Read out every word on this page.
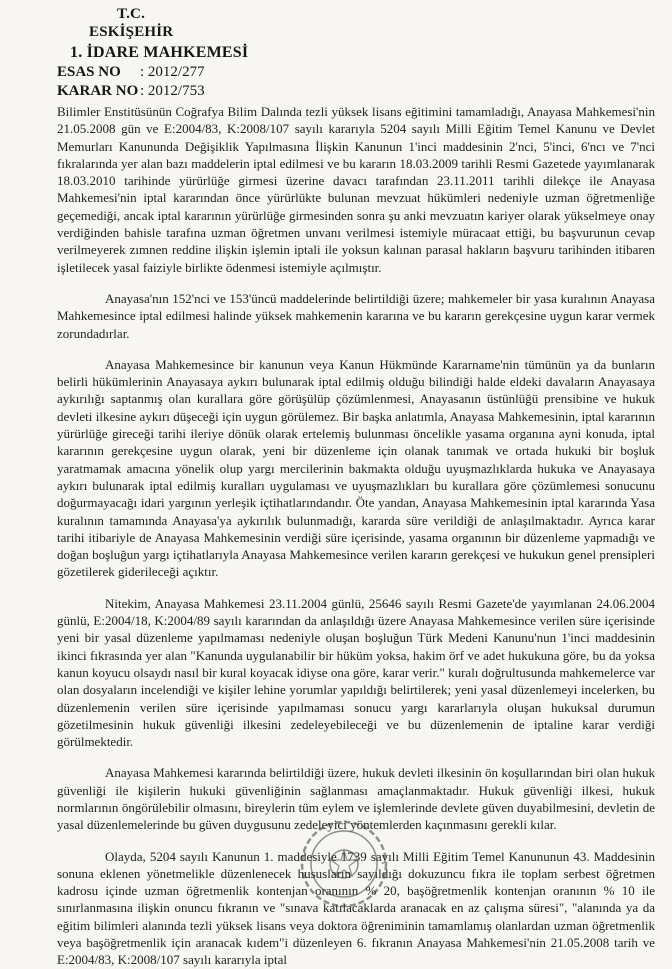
T.C.
ESKİŞEHİR
1. İDARE MAHKEMESİ
ESAS NO : 2012/277
KARAR NO : 2012/753

Bilimler Enstitüsünün Coğrafya Bilim Dalında tezli yüksek lisans eğitimini tamamladığı, Anayasa Mahkemesi'nin 21.05.2008 gün ve E:2004/83, K:2008/107 sayılı kararıyla 5204 sayılı Milli Eğitim Temel Kanunu ve Devlet Memurları Kanununda Değişiklik Yapılmasına İlişkin Kanunun 1'inci maddesinin 2'nci, 5'inci, 6'ncı ve 7'nci fıkralarında yer alan bazı maddelerin iptal edilmesi ve bu kararın 18.03.2009 tarihli Resmi Gazetede yayımlanarak 18.03.2010 tarihinde yürürlüğe girmesi üzerine davacı tarafından 23.11.2011 tarihli dilekçe ile Anayasa Mahkemesi'nin iptal kararından önce yürürlükte bulunan mevzuat hükümleri nedeniyle uzman öğretmenliğe geçemediği, ancak iptal kararının yürürlüğe girmesinden sonra şu anki mevzuatın kariyer olarak yükselmeye onay verdiğinden bahisle tarafına uzman öğretmen unvanı verilmesi istemiyle müracaat ettiği, bu başvurunun cevap verilmeyerek zımnen reddine ilişkin işlemin iptali ile yoksun kalınan parasal hakların başvuru tarihinden itibaren işletilecek yasal faiziyle birlikte ödenmesi istemiyle açılmıştır.

Anayasa'nın 152'nci ve 153'üncü maddelerinde belirtildiği üzere; mahkemeler bir yasa kuralının Anayasa Mahkemesince iptal edilmesi halinde yüksek mahkemenin kararına ve bu kararın gerekçesine uygun karar vermek zorundadırlar.

Anayasa Mahkemesince bir kanunun veya Kanun Hükmünde Kararname'nin tümünün ya da bunların belirli hükümlerinin Anayasaya aykırı bulunarak iptal edilmiş olduğu bilindiği halde eldeki davaların Anayasaya aykırılığı saptanmış olan kurallara göre görüşülüp çözümlenmesi, Anayasanın üstünlüğü prensibine ve hukuk devleti ilkesine aykırı düşeceği için uygun görülemez. Bir başka anlatımla, Anayasa Mahkemesinin, iptal kararının yürürlüğe gireceği tarihi ileriye dönük olarak ertelemiş bulunması öncelikle yasama organına ayni konuda, iptal kararının gerekçesine uygun olarak, yeni bir düzenleme için olanak tanımak ve ortada hukuki bir boşluk yaratmamak amacına yönelik olup yargı mercilerinin bakmakta olduğu uyuşmazlıklarda hukuka ve Anayasaya aykırı bulunarak iptal edilmiş kuralları uygulaması ve uyuşmazlıkları bu kurallara göre çözümlemesi sonucunu doğurmayacağı idari yargının yerleşik içtihatlarındandır. Öte yandan, Anayasa Mahkemesinin iptal kararında Yasa kuralının tamamında Anayasa'ya aykırılık bulunmadığı, kararda süre verildiği de anlaşılmaktadır. Ayrıca karar tarihi itibariyle de Anayasa Mahkemesinin verdiği süre içerisinde, yasama organının bir düzenleme yapmadığı ve doğan boşluğun yargı içtihatlarıyla Anayasa Mahkemesince verilen kararın gerekçesi ve hukukun genel prensipleri gözetilerek giderileceği açıktır.

Nitekim, Anayasa Mahkemesi 23.11.2004 günlü, 25646 sayılı Resmi Gazete'de yayımlanan 24.06.2004 günlü, E:2004/18, K:2004/89 sayılı kararından da anlaşıldığı üzere Anayasa Mahkemesince verilen süre içerisinde yeni bir yasal düzenleme yapılmaması nedeniyle oluşan boşluğun Türk Medeni Kanunu'nun 1'inci maddesinin ikinci fıkrasında yer alan "Kanunda uygulanabilir bir hüküm yoksa, hakim örf ve adet hukukuna göre, bu da yoksa kanun koyucu olsaydı nasıl bir kural koyacak idiyse ona göre, karar verir." kuralı doğrultusunda mahkemelerce var olan dosyaların incelendiği ve kişiler lehine yorumlar yapıldığı belirtilerek; yeni yasal düzenlemeyi incelerken, bu düzenlemenin verilen süre içerisinde yapılmaması sonucu yargı kararlarıyla oluşan hukuksal durumun gözetilmesinin hukuk güvenliği ilkesini zedeleyebileceği ve bu düzenlemenin de iptaline karar verdiği görülmektedir.

Anayasa Mahkemesi kararında belirtildiği üzere, hukuk devleti ilkesinin ön koşullarından biri olan hukuk güvenliği ile kişilerin hukuki güvenliğinin sağlanması amaçlanmaktadır. Hukuk güvenliği ilkesi, hukuk normlarının öngörülebilir olmasını, bireylerin tüm eylem ve işlemlerinde devlete güven duyabilmesini, devletin de yasal düzenlemelerinde bu güven duygusunu zedeleyici yöntemlerden kaçınmasını gerekli kılar.

Olayda, 5204 sayılı Kanunun 1. maddesiyle 1739 sayılı Milli Eğitim Temel Kanununun 43. Maddesinin sonuna eklenen yönetmelikle düzenlenecek hususların sayıldığı dokuzuncu fıkra ile toplam serbest öğretmen kadrosu içinde uzman öğretmenlik kontenjan oranının % 20, başöğretmenlik kontenjan oranının % 10 ile sınırlanmasına ilişkin onuncu fıkranın ve "sınava katılacaklarda aranacak en az çalışma süresi", "alanında ya da eğitim bilimleri alanında tezli yüksek lisans veya doktora öğreniminin tamamlamış olanlardan uzman öğretmenlik veya başöğretmenlik için aranacak kıdem"i düzenleyen 6. fıkranın Anayasa Mahkemesi'nin 21.05.2008 tarih ve E:2004/83, K:2008/107 sayılı kararıyla iptal
